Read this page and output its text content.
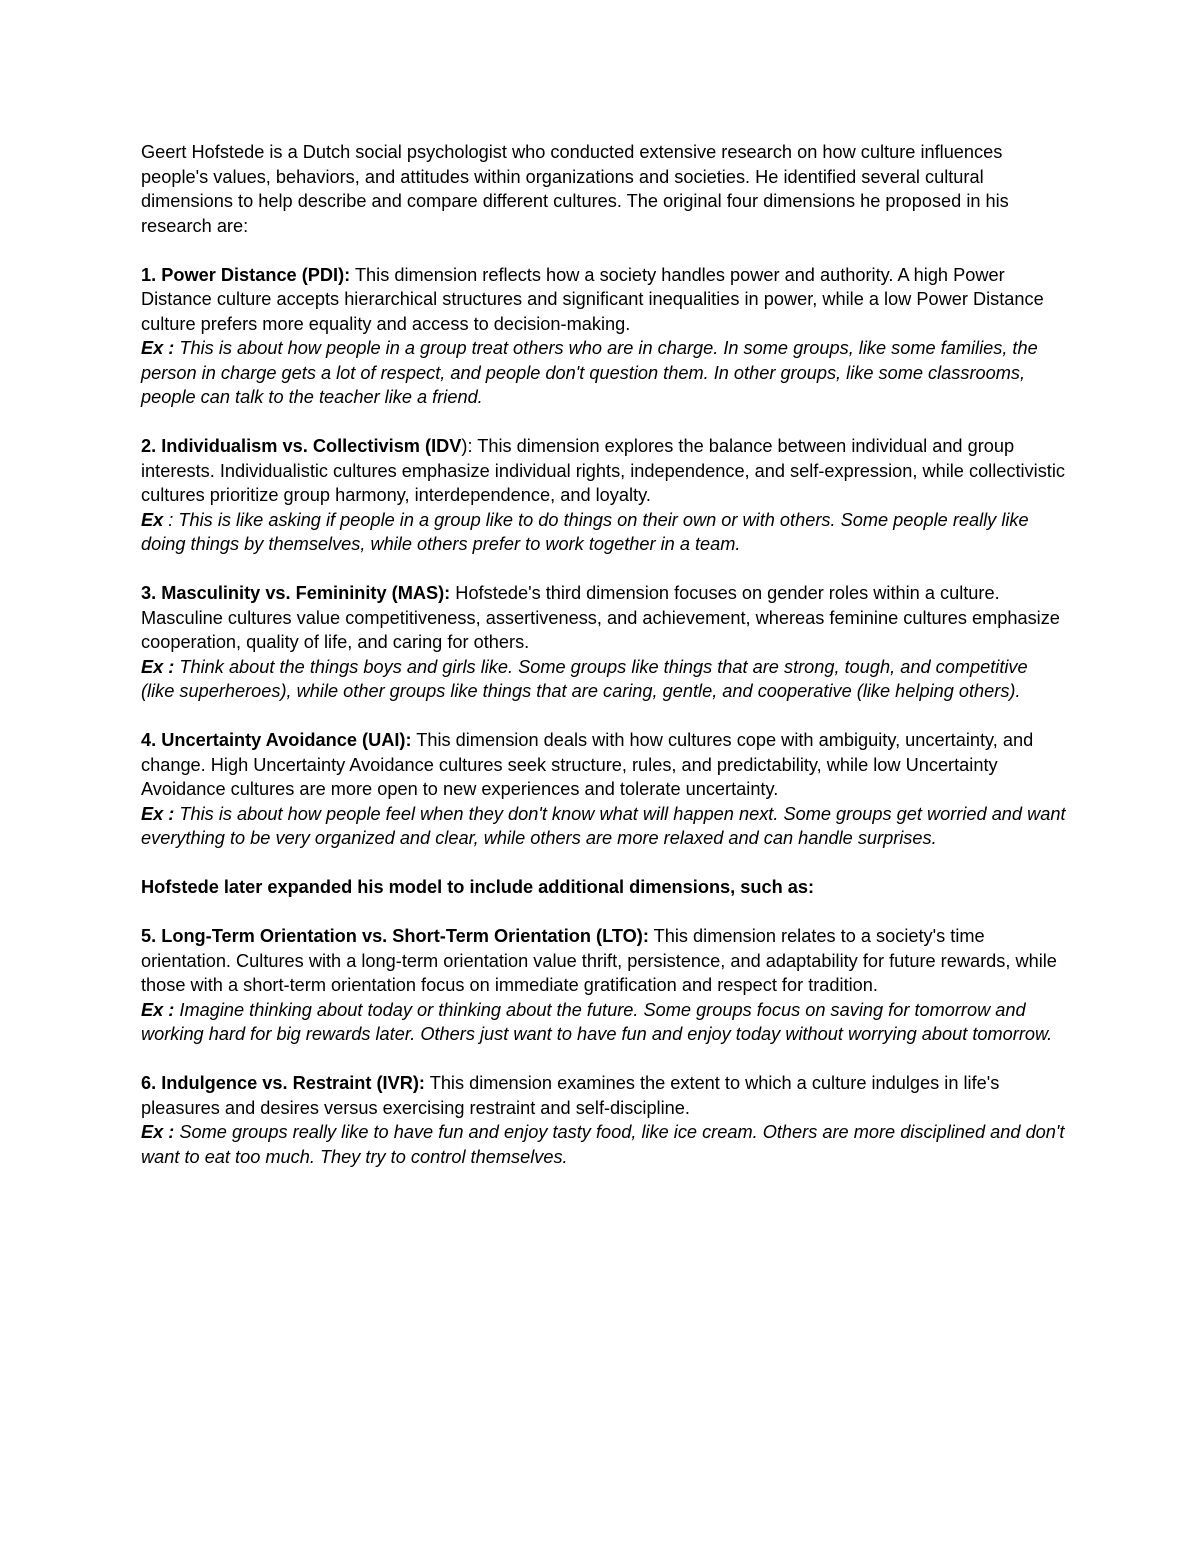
Geert Hofstede is a Dutch social psychologist who conducted extensive research on how culture influences people's values, behaviors, and attitudes within organizations and societies. He identified several cultural dimensions to help describe and compare different cultures. The original four dimensions he proposed in his research are:

1. Power Distance (PDI): This dimension reflects how a society handles power and authority. A high Power Distance culture accepts hierarchical structures and significant inequalities in power, while a low Power Distance culture prefers more equality and access to decision-making.

Ex : This is about how people in a group treat others who are in charge. In some groups, like some families, the person in charge gets a lot of respect, and people don't question them. In other groups, like some classrooms, people can talk to the teacher like a friend.

2. Individualism vs. Collectivism (IDV): This dimension explores the balance between individual and group interests. Individualistic cultures emphasize individual rights, independence, and self-expression, while collectivistic cultures prioritize group harmony, interdependence, and loyalty.

Ex : This is like asking if people in a group like to do things on their own or with others. Some people really like doing things by themselves, while others prefer to work together in a team.

3. Masculinity vs. Femininity (MAS): Hofstede's third dimension focuses on gender roles within a culture. Masculine cultures value competitiveness, assertiveness, and achievement, whereas feminine cultures emphasize cooperation, quality of life, and caring for others.

Ex : Think about the things boys and girls like. Some groups like things that are strong, tough, and competitive (like superheroes), while other groups like things that are caring, gentle, and cooperative (like helping others).

4. Uncertainty Avoidance (UAI): This dimension deals with how cultures cope with ambiguity, uncertainty, and change. High Uncertainty Avoidance cultures seek structure, rules, and predictability, while low Uncertainty Avoidance cultures are more open to new experiences and tolerate uncertainty.

Ex : This is about how people feel when they don't know what will happen next. Some groups get worried and want everything to be very organized and clear, while others are more relaxed and can handle surprises.

Hofstede later expanded his model to include additional dimensions, such as:

5. Long-Term Orientation vs. Short-Term Orientation (LTO): This dimension relates to a society's time orientation. Cultures with a long-term orientation value thrift, persistence, and adaptability for future rewards, while those with a short-term orientation focus on immediate gratification and respect for tradition.

Ex : Imagine thinking about today or thinking about the future. Some groups focus on saving for tomorrow and working hard for big rewards later. Others just want to have fun and enjoy today without worrying about tomorrow.

6. Indulgence vs. Restraint (IVR): This dimension examines the extent to which a culture indulges in life's pleasures and desires versus exercising restraint and self-discipline.

Ex : Some groups really like to have fun and enjoy tasty food, like ice cream. Others are more disciplined and don't want to eat too much. They try to control themselves.
